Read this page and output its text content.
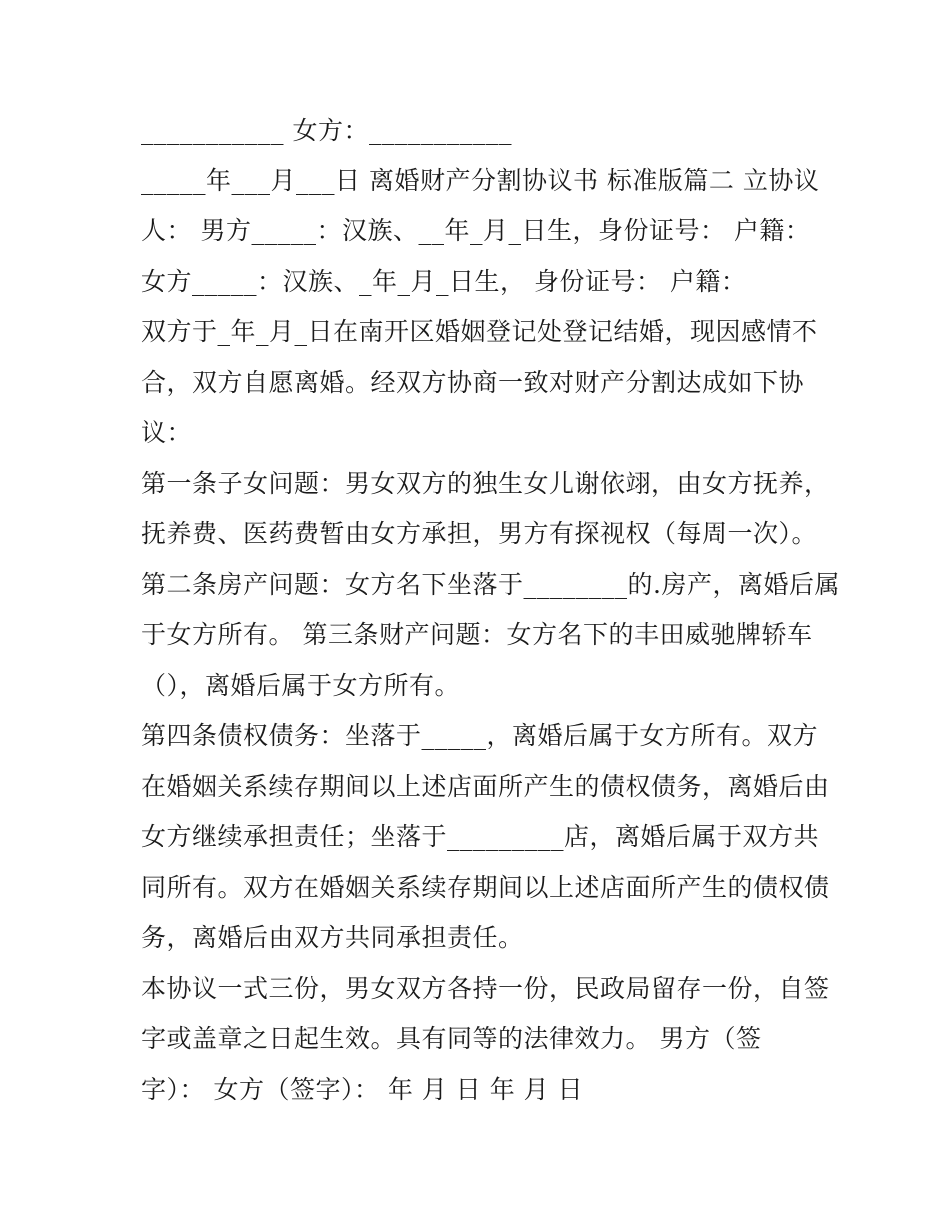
___________ 女方：___________
_____年___月___日 离婚财产分割协议书 标准版篇二 立协议
人： 男方_____：汉族、__年_月_日生，身份证号： 户籍：
女方_____：汉族、_年_月_日生， 身份证号： 户籍：
双方于_年_月_日在南开区婚姻登记处登记结婚，现因感情不
合，双方自愿离婚。经双方协商一致对财产分割达成如下协
议：
第一条子女问题：男女双方的独生女儿谢依翊，由女方抚养，
抚养费、医药费暂由女方承担，男方有探视权（每周一次）。
第二条房产问题：女方名下坐落于________的.房产，离婚后属
于女方所有。 第三条财产问题：女方名下的丰田威驰牌轿车
（），离婚后属于女方所有。
第四条债权债务：坐落于_____，离婚后属于女方所有。双方
在婚姻关系续存期间以上述店面所产生的债权债务，离婚后由
女方继续承担责任；坐落于_________店，离婚后属于双方共
同所有。双方在婚姻关系续存期间以上述店面所产生的债权债
务，离婚后由双方共同承担责任。
本协议一式三份，男女双方各持一份，民政局留存一份，自签
字或盖章之日起生效。具有同等的法律效力。 男方（签
字）： 女方（签字）： 年 月 日 年 月 日
